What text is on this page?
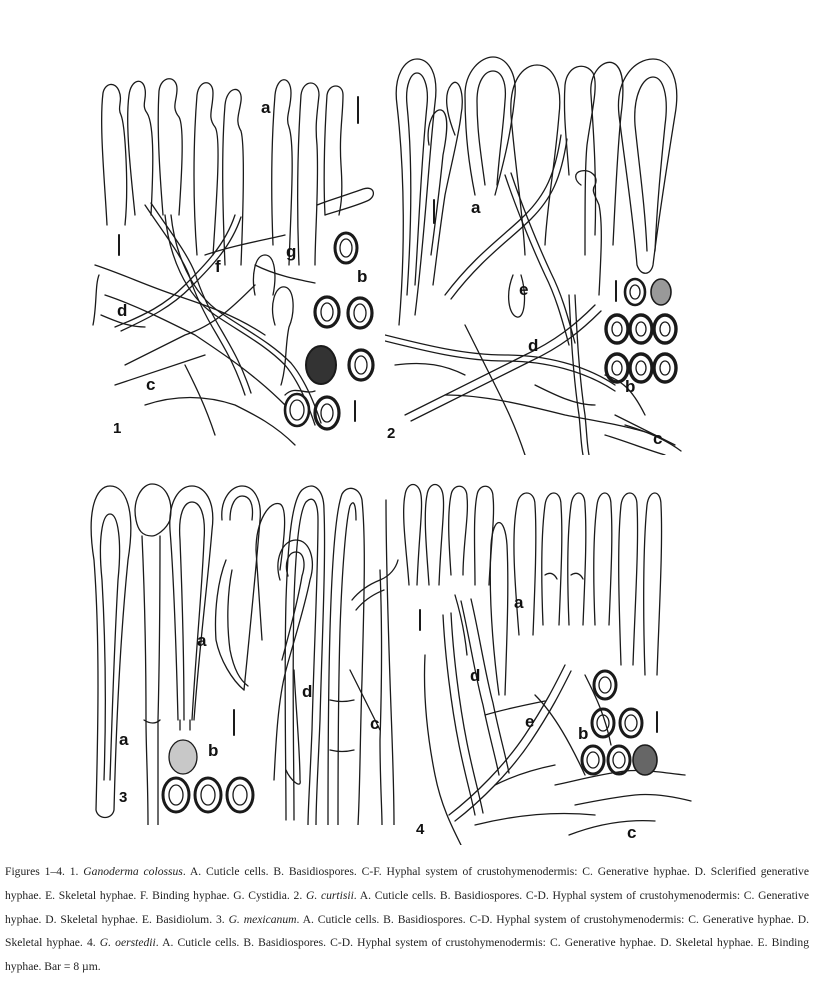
a
b
c
d
f
g
1
a
b
c
d
e
2
a
a
b
c
d
3
a
b
c
d
e
4
Figures 1–4. 1. Ganoderma colossus. A. Cuticle cells. B. Basidiospores. C-F. Hyphal system of crustohymenodermis: C. Generative hyphae. D. Sclerified generative hyphae. E. Skeletal hyphae. F. Binding hyphae. G. Cystidia. 2. G. curtisii. A. Cuticle cells. B. Basidiospores. C-D. Hyphal system of crustohymenodermis: C. Generative hyphae. D. Skeletal hyphae. E. Basidiolum. 3. G. mexicanum. A. Cuticle cells. B. Basidiospores. C-D. Hyphal system of crustohymenodermis: C. Generative hyphae. D. Skeletal hyphae. 4. G. oerstedii. A. Cuticle cells. B. Basidiospores. C-D. Hyphal system of crustohymenodermis: C. Generative hyphae. D. Skeletal hyphae. E. Binding hyphae. Bar = 8 µm.
